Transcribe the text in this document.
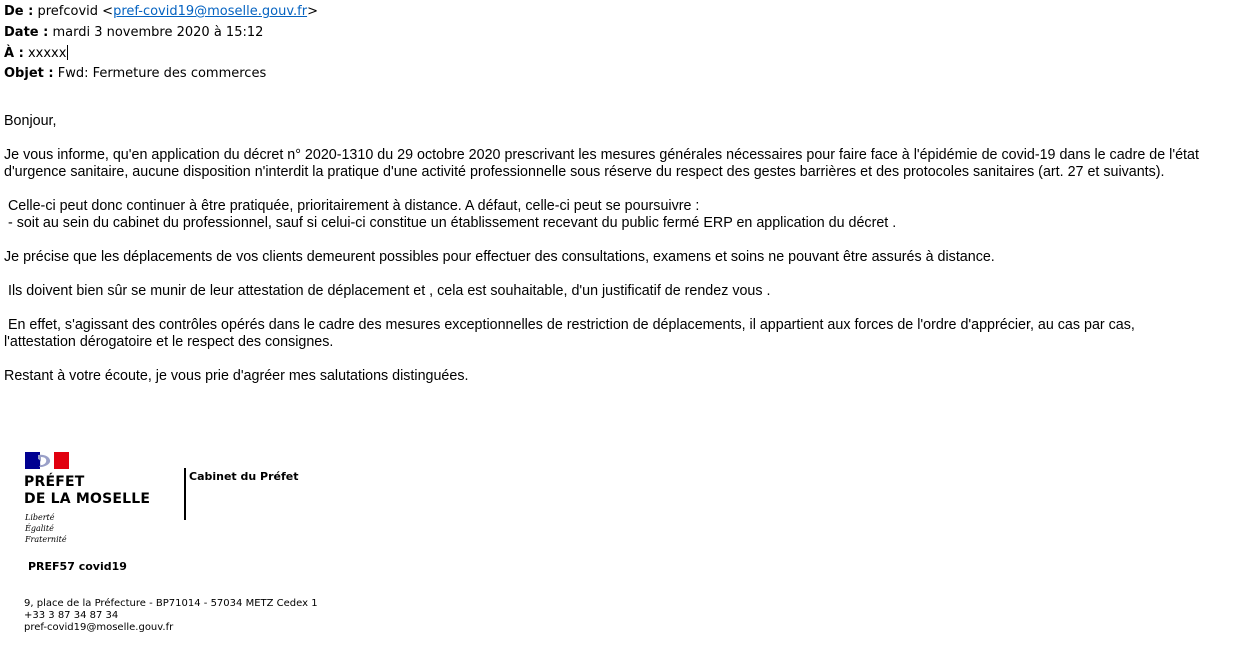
De : prefcovid <pref-covid19@moselle.gouv.fr>
Date : mardi 3 novembre 2020 à 15:12
À : xxxxx
Objet : Fwd: Fermeture des commerces

Bonjour,

Je vous informe, qu'en application du décret n° 2020-1310 du 29 octobre 2020 prescrivant les mesures générales nécessaires pour faire face à l'épidémie de covid-19 dans le cadre de l'état
d'urgence sanitaire, aucune disposition n'interdit la pratique d'une activité professionnelle sous réserve du respect des gestes barrières et des protocoles sanitaires (art. 27 et suivants).

Celle-ci peut donc continuer à être pratiquée, prioritairement à distance. A défaut, celle-ci peut se poursuivre :
- soit au sein du cabinet du professionnel, sauf si celui-ci constitue un établissement recevant du public fermé ERP en application du décret .

Je précise que les déplacements de vos clients demeurent possibles pour effectuer des consultations, examens et soins ne pouvant être assurés à distance.

Ils doivent bien sûr se munir de leur attestation de déplacement et , cela est souhaitable, d'un justificatif de rendez vous .

En effet, s'agissant des contrôles opérés dans le cadre des mesures exceptionnelles de restriction de déplacements, il appartient aux forces de l'ordre d'apprécier, au cas par cas,
l'attestation dérogatoire et le respect des consignes.

Restant à votre écoute, je vous prie d'agréer mes salutations distinguées.

PRÉFET
DE LA MOSELLE
Liberté
Égalité
Fraternité
Cabinet du Préfet
PREF57 covid19
9, place de la Préfecture - BP71014 - 57034 METZ Cedex 1
+33 3 87 34 87 34
pref-covid19@moselle.gouv.fr
